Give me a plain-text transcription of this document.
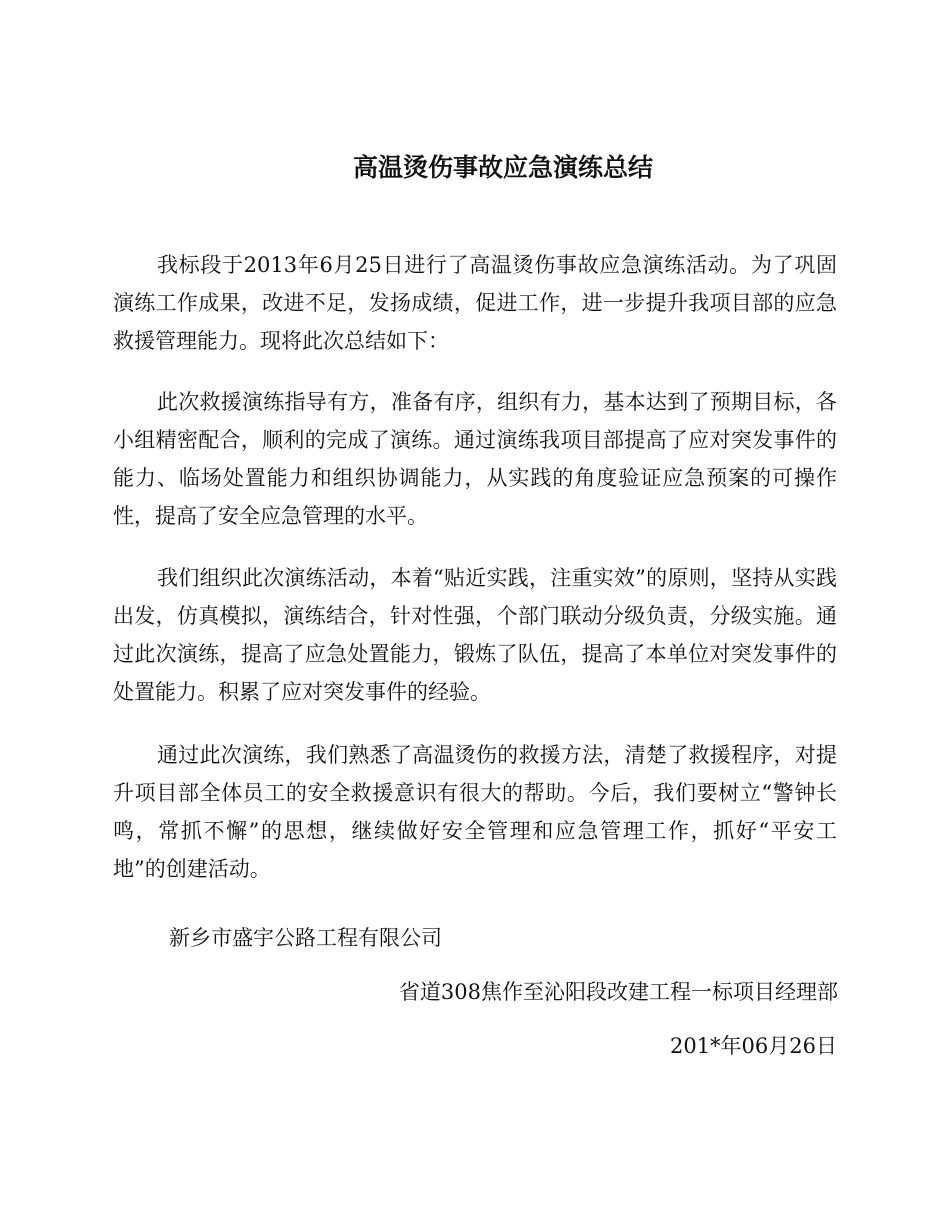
高温烫伤事故应急演练总结

我标段于2013年6月25日进行了高温烫伤事故应急演练活动。为了巩固演练工作成果，改进不足，发扬成绩，促进工作，进一步提升我项目部的应急救援管理能力。现将此次总结如下：

此次救援演练指导有方，准备有序，组织有力，基本达到了预期目标，各小组精密配合，顺利的完成了演练。通过演练我项目部提高了应对突发事件的能力、临场处置能力和组织协调能力，从实践的角度验证应急预案的可操作性，提高了安全应急管理的水平。

我们组织此次演练活动，本着“贴近实践，注重实效”的原则，坚持从实践出发，仿真模拟，演练结合，针对性强，个部门联动分级负责，分级实施。通过此次演练，提高了应急处置能力，锻炼了队伍，提高了本单位对突发事件的处置能力。积累了应对突发事件的经验。

通过此次演练，我们熟悉了高温烫伤的救援方法，清楚了救援程序，对提升项目部全体员工的安全救援意识有很大的帮助。今后，我们要树立“警钟长鸣，常抓不懈”的思想，继续做好安全管理和应急管理工作，抓好“平安工地”的创建活动。

新乡市盛宇公路工程有限公司

省道308焦作至沁阳段改建工程一标项目经理部

201*年06月26日
